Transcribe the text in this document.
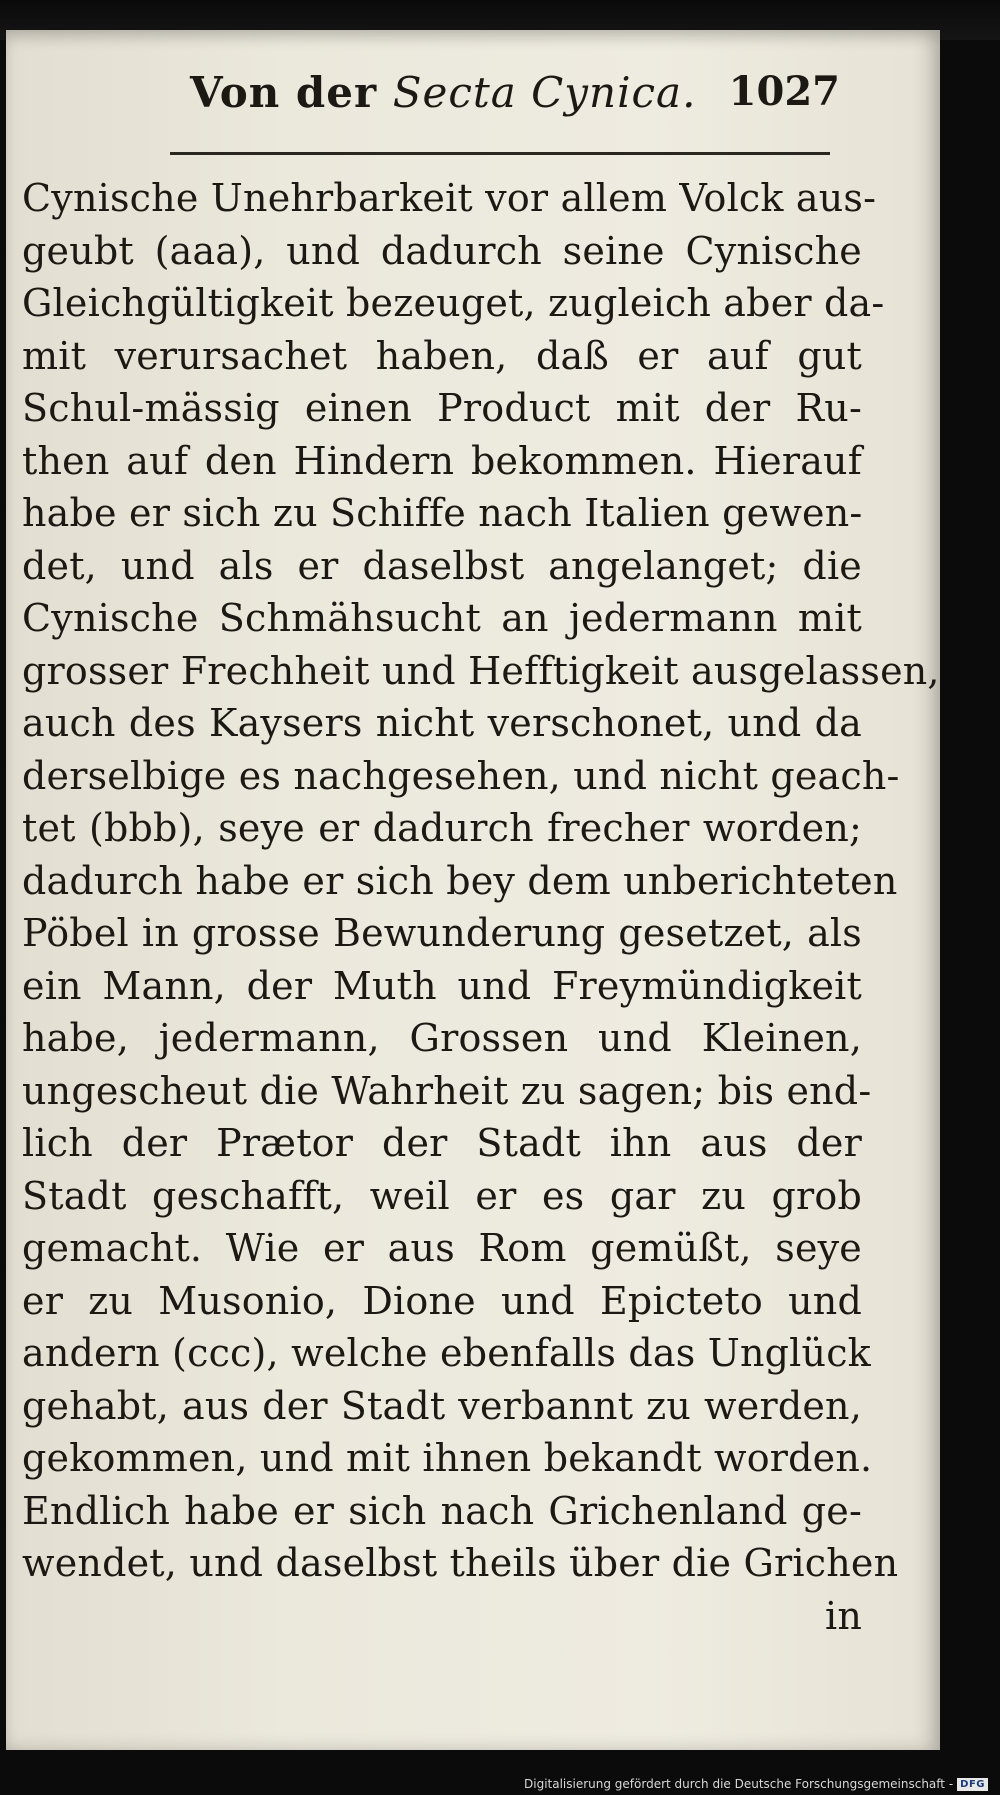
Von der Secta Cynica. 1027
Cynische Unehrbarkeit vor allem Volck aus-
geubt (aaa), und dadurch seine Cynische
Gleichgültigkeit bezeuget, zugleich aber da-
mit verursachet haben, daß er auf gut
Schul-mässig einen Product mit der Ru-
then auf den Hindern bekommen. Hierauf
habe er sich zu Schiffe nach Italien gewen-
det, und als er daselbst angelanget; die
Cynische Schmähsucht an jedermann mit
grosser Frechheit und Hefftigkeit ausgelassen,
auch des Kaysers nicht verschonet, und da
derselbige es nachgesehen, und nicht geach-
tet (bbb), seye er dadurch frecher worden;
dadurch habe er sich bey dem unberichteten
Pöbel in grosse Bewunderung gesetzet, als
ein Mann, der Muth und Freymündigkeit
habe, jedermann, Grossen und Kleinen,
ungescheut die Wahrheit zu sagen; bis end-
lich der Prætor der Stadt ihn aus der
Stadt geschafft, weil er es gar zu grob
gemacht. Wie er aus Rom gemüßt, seye
er zu Musonio, Dione und Epicteto und
andern (ccc), welche ebenfalls das Unglück
gehabt, aus der Stadt verbannt zu werden,
gekommen, und mit ihnen bekandt worden.
Endlich habe er sich nach Grichenland ge-
wendet, und daselbst theils über die Grichen
in
Digitalisierung gefördert durch die Deutsche Forschungsgemeinschaft - DFG
